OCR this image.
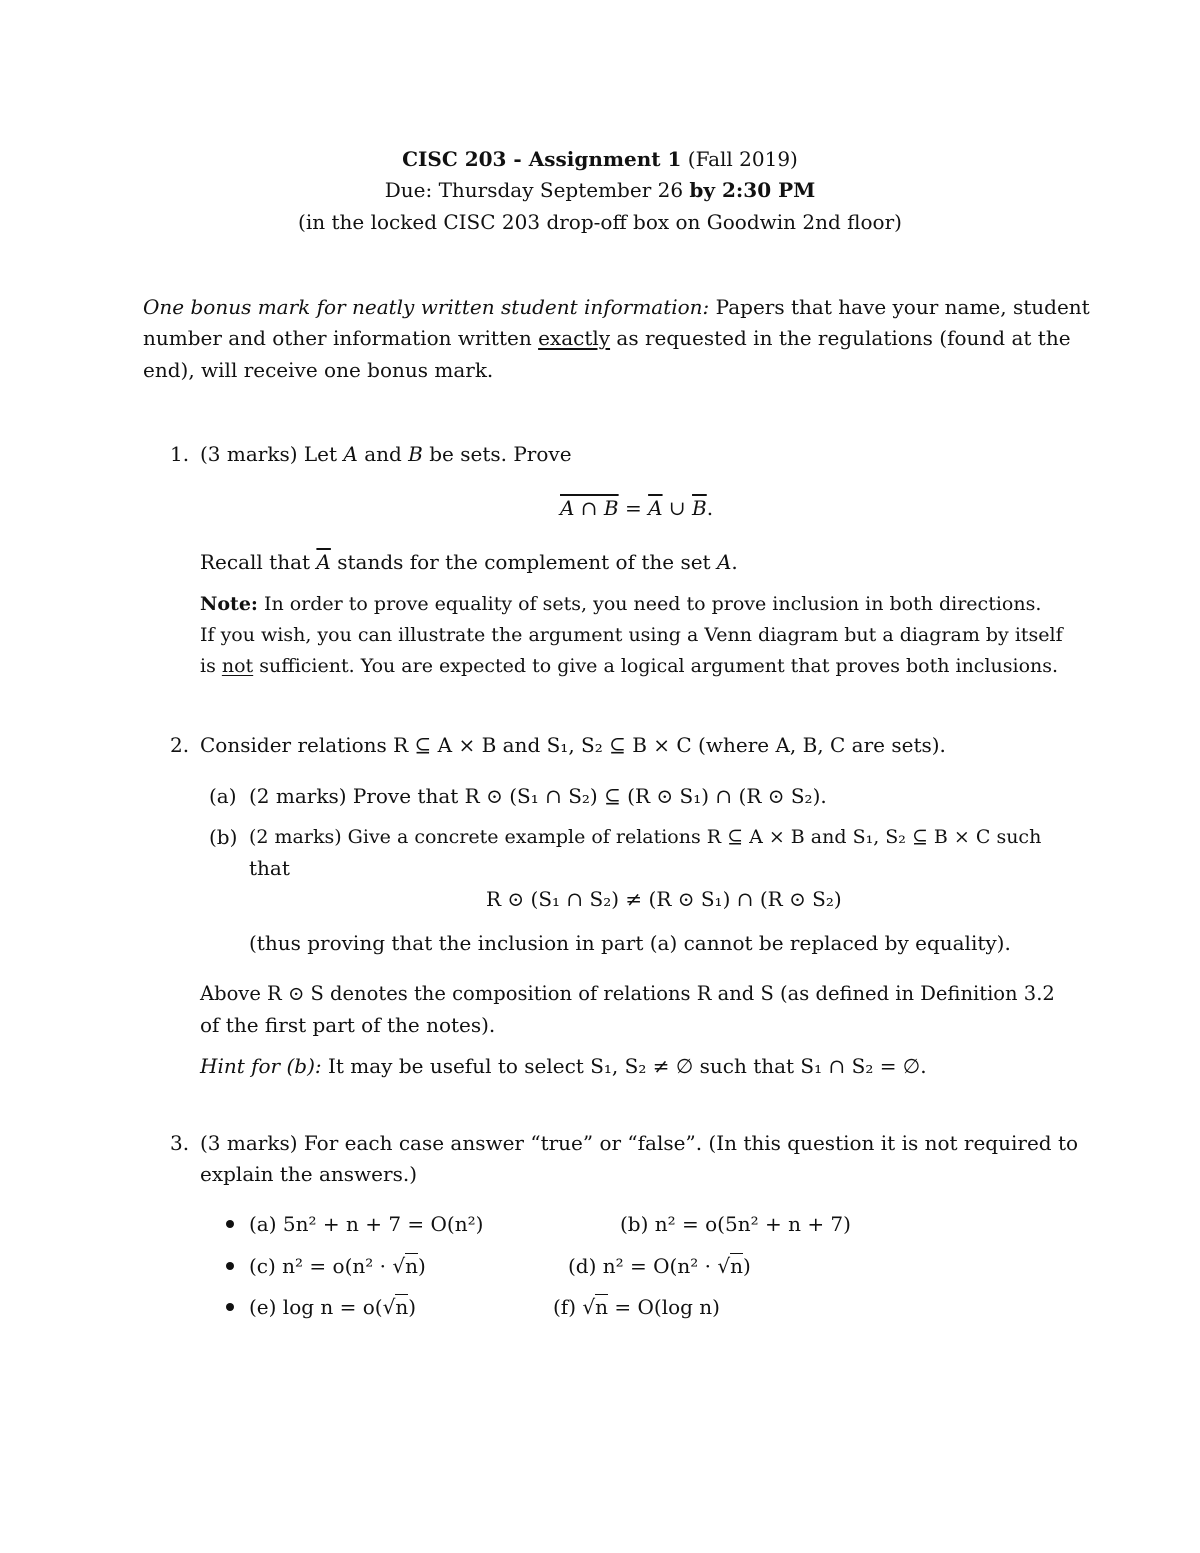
CISC 203 - Assignment 1 (Fall 2019)
Due: Thursday September 26 by 2:30 PM
(in the locked CISC 203 drop-off box on Goodwin 2nd floor)
One bonus mark for neatly written student information: Papers that have your name, student
number and other information written exactly as requested in the regulations (found at the
end), will receive one bonus mark.
1. (3 marks) Let A and B be sets. Prove
A ∩ $B = \overline{A}$ ∪ $\overline{B}$.
Recall that $\overline{A}$ stands for the complement of the set A.
Note: In order to prove equality of sets, you need to prove inclusion in both directions.
If you wish, you can illustrate the argument using a Venn diagram but a diagram by itself
is not sufficient. You are expected to give a logical argument that proves both inclusions.
2. Consider relations R ⊆ A × B and S₁, S₂ ⊆ B × C (where A, B, C are sets).
(a) (2 marks) Prove that R ⊙ (S₁ ∩ S₂) ⊆ (R ⊙ S₁) ∩ (R ⊙ S₂).
(b) (2 marks) Give a concrete example of relations R ⊆ A × B and S₁, S₂ ⊆ B × C such
that
R ⊙ (S₁ ∩ S₂) ≠ (R ⊙ S₁) ∩ (R ⊙ S₂)
(thus proving that the inclusion in part (a) cannot be replaced by equality).
Above R ⊙ S denotes the composition of relations R and S (as defined in Definition 3.2
of the first part of the notes).
Hint for (b): It may be useful to select S₁, S₂ ≠ ∅ such that S₁ ∩ S₂ = ∅.
3. (3 marks) For each case answer “true” or “false”. (In this question it is not required to
explain the answers.)
(a) 5n² + n + 7 = O(n²)	(b) n² = o(5n² + n + 7)
(c) n² = o(n² · √n)	(d) n² = O(n² · √n)
(e) log n = o(√n)	(f) √n = O(log n)
